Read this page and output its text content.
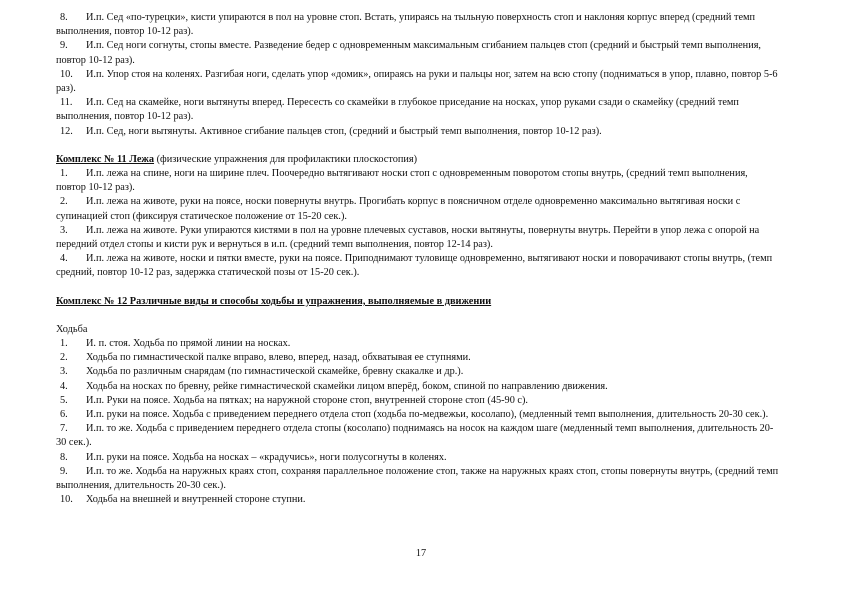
8. И.п. Сед «по-турецки», кисти упираются в пол на уровне стоп. Встать, упираясь на тыльную поверхность стоп и наклоняя корпус вперед (средний темп выполнения, повтор 10-12 раз).

9. И.п. Сед ноги согнуты, стопы вместе. Разведение бедер с одновременным максимальным сгибанием пальцев стоп (средний и быстрый темп выполнения, повтор 10-12 раз).

10. И.п. Упор стоя на коленях. Разгибая ноги, сделать упор «домик», опираясь на руки и пальцы ног, затем на всю стопу (подниматься в упор, плавно, повтор 5-6 раз).

11. И.п. Сед на скамейке, ноги вытянуты вперед. Пересесть со скамейки в глубокое приседание на носках, упор руками сзади о скамейку (средний темп выполнения, повтор 10-12 раз).

12. И.п. Сед, ноги вытянуты. Активное сгибание пальцев стоп, (средний и быстрый темп выполнения, повтор 10-12 раз).

Комплекс № 11 Лежа (физические упражнения для профилактики плоскостопия)

1. И.п. лежа на спине, ноги на ширине плеч. Поочередно вытягивают носки стоп с одновременным поворотом стопы внутрь, (средний темп выполнения, повтор 10-12 раз).

2. И.п. лежа на животе, руки на поясе, носки повернуты внутрь. Прогибать корпус в поясничном отделе одновременно максимально вытягивая носки с супинацией стоп (фиксируя статическое положение от 15-20 сек.).

3. И.п. лежа на животе. Руки упираются кистями в пол на уровне плечевых суставов, носки вытянуты, повернуты внутрь. Перейти в упор лежа с опорой на передний отдел стопы и кисти рук и вернуться в и.п. (средний темп выполнения, повтор 12-14 раз).

4. И.п. лежа на животе, носки и пятки вместе, руки на поясе. Приподнимают туловище одновременно, вытягивают носки и поворачивают стопы внутрь, (темп средний, повтор 10-12 раз, задержка статической позы от 15-20 сек.).

Комплекс № 12 Различные виды и способы ходьбы и упражнения, выполняемые в движении

Ходьба

1. И. п. стоя. Ходьба по прямой линии на носках.

2. Ходьба по гимнастической палке вправо, влево, вперед, назад, обхватывая ее ступнями.

3. Ходьба по различным снарядам (по гимнастической скамейке, бревну скакалке и др.).

4. Ходьба на носках по бревну, рейке гимнастической скамейки лицом вперёд, боком, спиной по направлению движения.

5. И.п. Руки на поясе. Ходьба на пятках; на наружной стороне стоп, внутренней стороне стоп (45-90 с).

6. И.п. руки на поясе. Ходьба с приведением переднего отдела стоп (ходьба по-медвежьи, косолапо), (медленный темп выполнения, длительность 20-30 сек.).

7. И.п. то же. Ходьба с приведением переднего отдела стопы (косолапо) поднимаясь на носок на каждом шаге (медленный темп выполнения, длительность 20-30 сек.).

8. И.п. руки на поясе. Ходьба на носках – «крадучись», ноги полусогнуты в коленях.

9. И.п. то же. Ходьба на наружных краях стоп, сохраняя параллельное положение стоп, также на наружных краях стоп, стопы повернуты внутрь, (средний темп выполнения, длительность 20-30 сек.).

10. Ходьба на внешней и внутренней стороне ступни.

17
